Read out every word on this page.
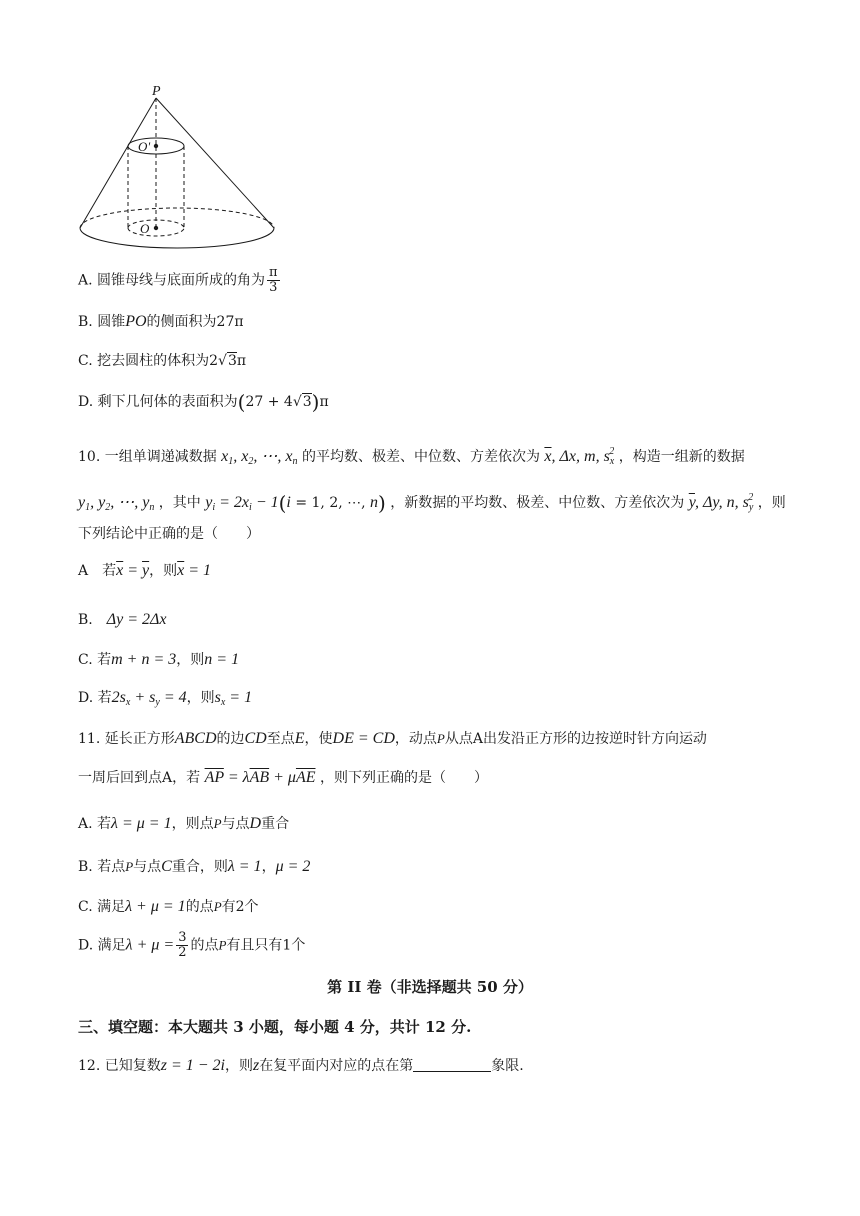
P
O'
O
A. 圆锥母线与底面所成的角为 $\frac{\pi}{3}$
B. 圆锥PO的侧面积为27π
C. 挖去圆柱的体积为2√3π
D. 剩下几何体的表面积为(27 + 4√3)π
10. 一组单调递减数据 $x_1$, $x_2$, ⋯, $x_n$ 的平均数、极差、中位数、方差依次为 $\overline{x}$, Δx, m, $s_x^2$ ，构造一组新的数据
$y_1$, $y_2$, ⋯, $y_n$ ，其中 $y_i = 2x_i - 1(i = 1$, 2, ⋯, n) ，新数据的平均数、极差、中位数、方差依次为 $\overline{y}$, Δy, n, $s_y^2$ ，则
下列结论中正确的是（　　）
A　 若$\overline{x} = \overline{y}$，则$\overline{x} = 1$
B.　 Δy = 2Δx
C. 若m + n = 3，则n = 1
D. 若$2s_x + s_y = 4$，则$s_x = 1$
11. 延长正方形ABCD的边CD至点E，使DE = CD，动点P从点A出发沿正方形的边按逆时针方向运动
一周后回到点A，若 $\overline{AP} = \lambda\overline{AB} + \mu\overline{AE}$ ，则下列正确的是（　　）
A. 若λ = μ = 1，则点P与点D重合
B. 若点P与点C重合，则λ = 1，μ = 2
C. 满足λ + μ = 1的点P有2个
D. 满足$\lambda + \mu = \frac{3}{2}$ 的点P有且只有1个
第 II 卷（非选择题共 50 分）
三、填空题：本大题共 3 小题，每小题 4 分，共计 12 分.
12. 已知复数z = 1 − 2i，则z在复平面内对应的点在第	象限.
